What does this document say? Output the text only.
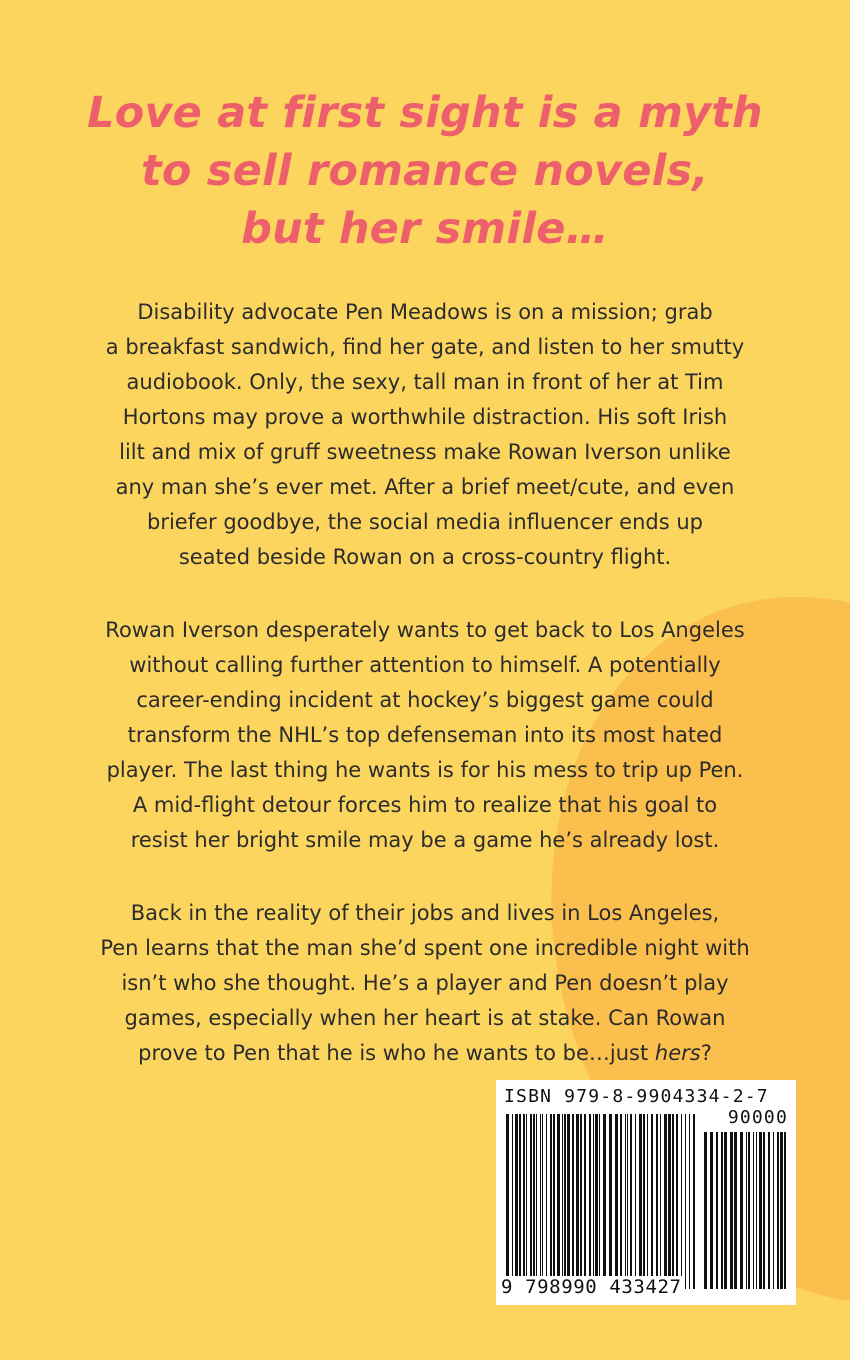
Love at first sight is a myth
to sell romance novels,
but her smile…

Disability advocate Pen Meadows is on a mission; grab
a breakfast sandwich, find her gate, and listen to her smutty
audiobook. Only, the sexy, tall man in front of her at Tim
Hortons may prove a worthwhile distraction. His soft Irish
lilt and mix of gruff sweetness make Rowan Iverson unlike
any man she’s ever met. After a brief meet/cute, and even
briefer goodbye, the social media influencer ends up
seated beside Rowan on a cross-country flight.

Rowan Iverson desperately wants to get back to Los Angeles
without calling further attention to himself. A potentially
career-ending incident at hockey’s biggest game could
transform the NHL’s top defenseman into its most hated
player. The last thing he wants is for his mess to trip up Pen.
A mid-flight detour forces him to realize that his goal to
resist her bright smile may be a game he’s already lost.

Back in the reality of their jobs and lives in Los Angeles,
Pen learns that the man she’d spent one incredible night with
isn’t who she thought. He’s a player and Pen doesn’t play
games, especially when her heart is at stake. Can Rowan
prove to Pen that he is who he wants to be…just hers?

ISBN 979-8-9904334-2-7
90000
9 798990 433427
